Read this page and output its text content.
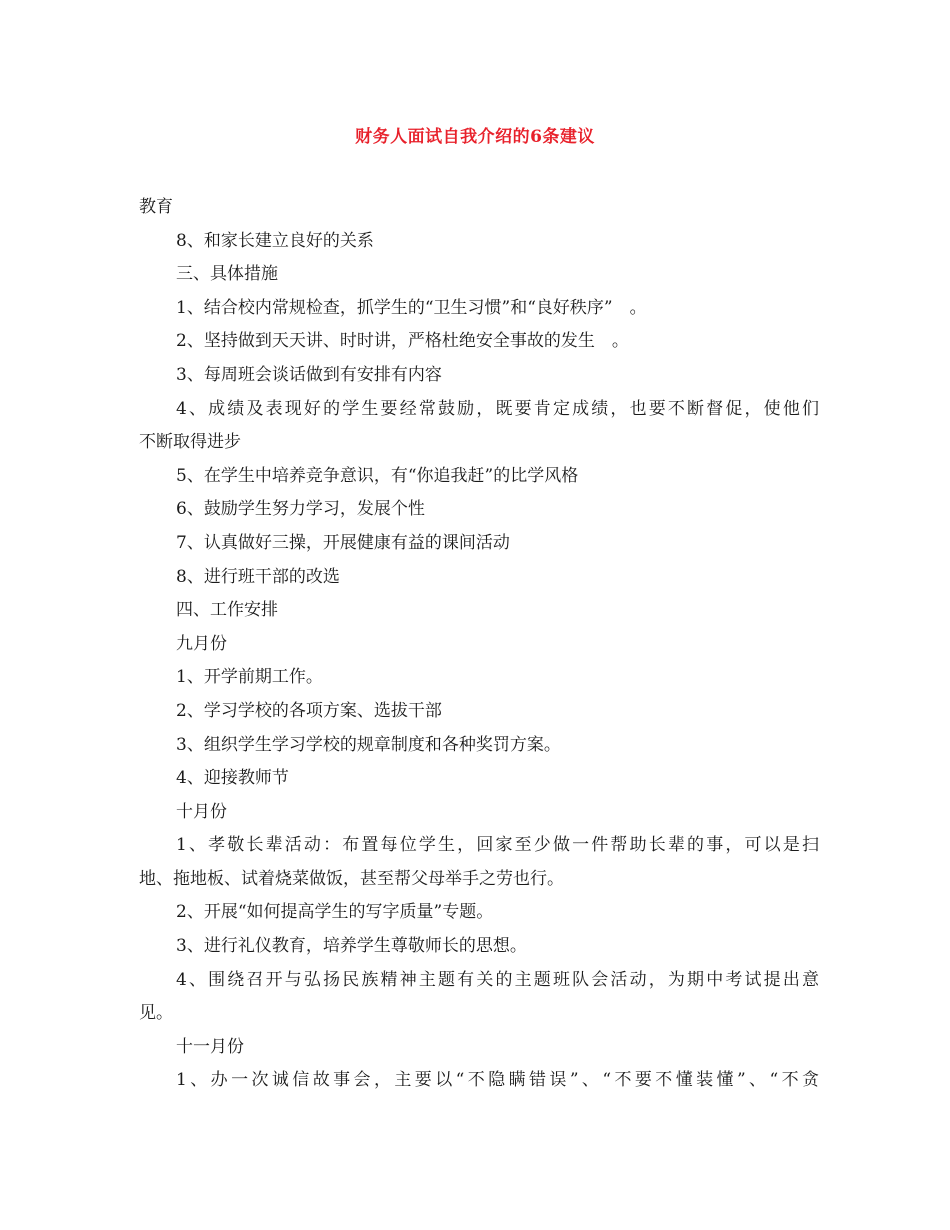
财务人面试自我介绍的6条建议
教育
8、和家长建立良好的关系
三、具体措施
1、结合校内常规检查，抓学生的“卫生习惯”和“良好秩序”　。
2、坚持做到天天讲、时时讲，严格杜绝安全事故的发生　。
3、每周班会谈话做到有安排有内容
4、成绩及表现好的学生要经常鼓励，既要肯定成绩，也要不断督促，使他们
不断取得进步
5、在学生中培养竞争意识，有“你追我赶”的比学风格
6、鼓励学生努力学习，发展个性
7、认真做好三操，开展健康有益的课间活动
8、进行班干部的改选
四、工作安排
九月份
1、开学前期工作。
2、学习学校的各项方案、选拔干部
3、组织学生学习学校的规章制度和各种奖罚方案。
4、迎接教师节
十月份
1、孝敬长辈活动：布置每位学生，回家至少做一件帮助长辈的事，可以是扫
地、拖地板、试着烧菜做饭，甚至帮父母举手之劳也行。
2、开展“如何提高学生的写字质量”专题。
3、进行礼仪教育，培养学生尊敬师长的思想。
4、围绕召开与弘扬民族精神主题有关的主题班队会活动，为期中考试提出意
见。
十一月份
1、办一次诚信故事会，主要以“不隐瞒错误”、“不要不懂装懂”、“不贪
